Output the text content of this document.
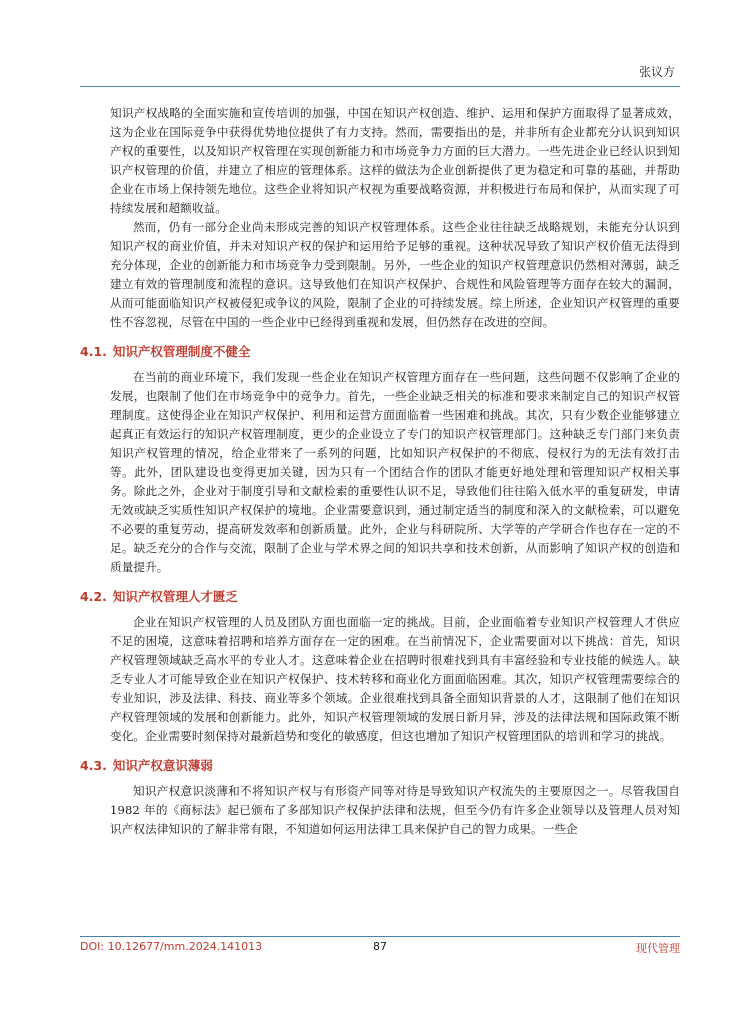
张议方

知识产权战略的全面实施和宣传培训的加强，中国在知识产权创造、维护、运用和保护方面取得了显著成效，这为企业在国际竞争中获得优势地位提供了有力支持。然而，需要指出的是，并非所有企业都充分认识到知识产权的重要性，以及知识产权管理在实现创新能力和市场竞争力方面的巨大潜力。一些先进企业已经认识到知识产权管理的价值，并建立了相应的管理体系。这样的做法为企业创新提供了更为稳定和可靠的基础，并帮助企业在市场上保持领先地位。这些企业将知识产权视为重要战略资源，并积极进行布局和保护，从而实现了可持续发展和超额收益。

然而，仍有一部分企业尚未形成完善的知识产权管理体系。这些企业往往缺乏战略规划，未能充分认识到知识产权的商业价值，并未对知识产权的保护和运用给予足够的重视。这种状况导致了知识产权价值无法得到充分体现，企业的创新能力和市场竞争力受到限制。另外，一些企业的知识产权管理意识仍然相对薄弱，缺乏建立有效的管理制度和流程的意识。这导致他们在知识产权保护、合规性和风险管理等方面存在较大的漏洞，从而可能面临知识产权被侵犯或争议的风险，限制了企业的可持续发展。综上所述，企业知识产权管理的重要性不容忽视，尽管在中国的一些企业中已经得到重视和发展，但仍然存在改进的空间。

4.1. 知识产权管理制度不健全

在当前的商业环境下，我们发现一些企业在知识产权管理方面存在一些问题，这些问题不仅影响了企业的发展，也限制了他们在市场竞争中的竞争力。首先，一些企业缺乏相关的标准和要求来制定自己的知识产权管理制度。这使得企业在知识产权保护、利用和运营方面面临着一些困难和挑战。其次，只有少数企业能够建立起真正有效运行的知识产权管理制度，更少的企业设立了专门的知识产权管理部门。这种缺乏专门部门来负责知识产权管理的情况，给企业带来了一系列的问题，比如知识产权保护的不彻底、侵权行为的无法有效打击等。此外，团队建设也变得更加关键，因为只有一个团结合作的团队才能更好地处理和管理知识产权相关事务。除此之外，企业对于制度引导和文献检索的重要性认识不足，导致他们往往陷入低水平的重复研发，申请无效或缺乏实质性知识产权保护的境地。企业需要意识到，通过制定适当的制度和深入的文献检索，可以避免不必要的重复劳动，提高研发效率和创新质量。此外，企业与科研院所、大学等的产学研合作也存在一定的不足。缺乏充分的合作与交流，限制了企业与学术界之间的知识共享和技术创新，从而影响了知识产权的创造和质量提升。

4.2. 知识产权管理人才匮乏

企业在知识产权管理的人员及团队方面也面临一定的挑战。目前，企业面临着专业知识产权管理人才供应不足的困境，这意味着招聘和培养方面存在一定的困难。在当前情况下，企业需要面对以下挑战：首先，知识产权管理领域缺乏高水平的专业人才。这意味着企业在招聘时很难找到具有丰富经验和专业技能的候选人。缺乏专业人才可能导致企业在知识产权保护、技术转移和商业化方面面临困难。其次，知识产权管理需要综合的专业知识，涉及法律、科技、商业等多个领域。企业很难找到具备全面知识背景的人才，这限制了他们在知识产权管理领域的发展和创新能力。此外，知识产权管理领域的发展日新月异，涉及的法律法规和国际政策不断变化。企业需要时刻保持对最新趋势和变化的敏感度，但这也增加了知识产权管理团队的培训和学习的挑战。

4.3. 知识产权意识薄弱

知识产权意识淡薄和不将知识产权与有形资产同等对待是导致知识产权流失的主要原因之一。尽管我国自 1982 年的《商标法》起已颁布了多部知识产权保护法律和法规，但至今仍有许多企业领导以及管理人员对知识产权法律知识的了解非常有限，不知道如何运用法律工具来保护自己的智力成果。一些企

DOI: 10.12677/mm.2024.141013	87	现代管理
